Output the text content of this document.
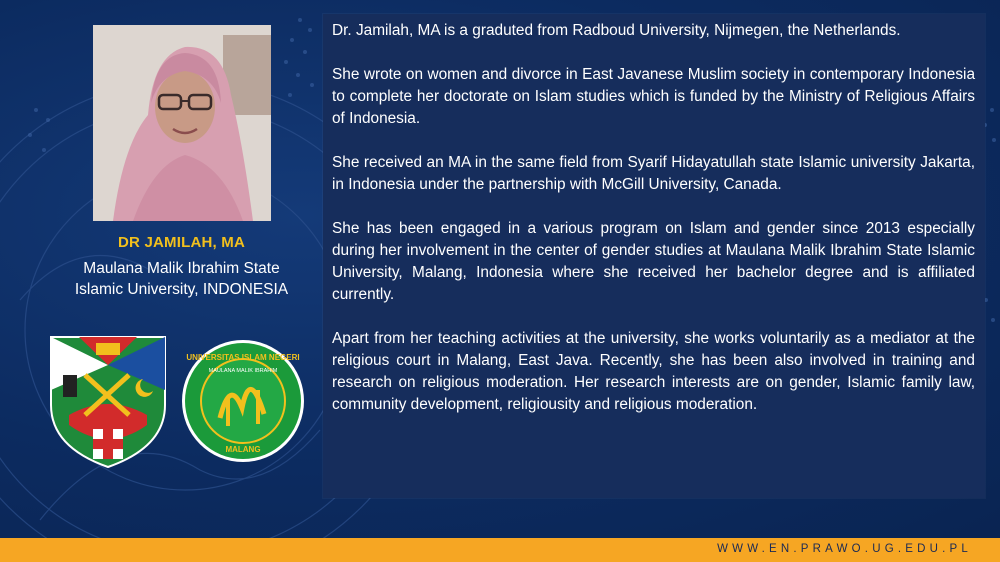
DR JAMILAH, MA
Maulana Malik Ibrahim State
Islamic University, INDONESIA
UNIVERSITAS ISLAM NEGERI
MAULANA MALIK IBRAHIM
MALANG

Dr. Jamilah, MA is a graduted from Radboud University, Nijmegen, the Netherlands.

She wrote on women and divorce in East Javanese Muslim society in contemporary Indonesia to complete her doctorate on Islam studies which is funded by the Ministry of Religious Affairs of Indonesia.

She received an MA in the same field from Syarif Hidayatullah state Islamic university Jakarta, in Indonesia under the partnership with McGill University, Canada.

She has been engaged in a various program on Islam and gender since 2013 especially during her involvement in the center of gender studies at Maulana Malik Ibrahim State Islamic University, Malang, Indonesia where she received her bachelor degree and is affiliated currently.

Apart from her teaching activities at the university, she works voluntarily as a mediator at the religious court in Malang, East Java. Recently, she has been also involved in training and research on religious moderation. Her research interests are on gender, Islamic family law, community development, religiousity and religious moderation.

WWW.EN.PRAWO.UG.EDU.PL
